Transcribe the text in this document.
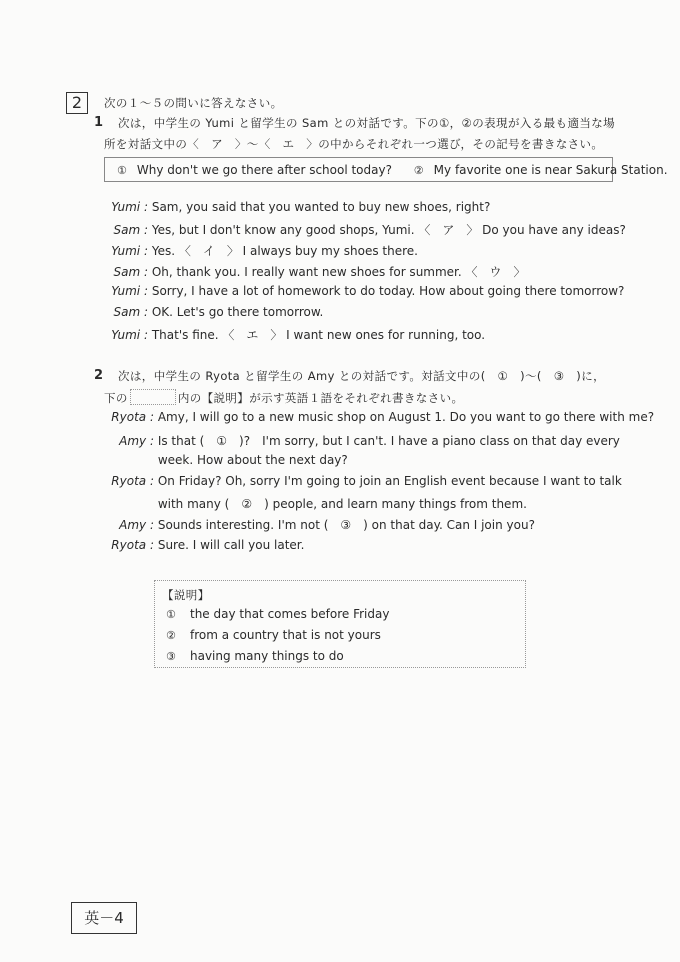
2	次の１～５の問いに答えなさい。
1 次は，中学生の Yumi と留学生の Sam との対話です。下の①，②の表現が入る最も適当な場
所を対話文中の〈　ア　〉～〈　エ　〉の中からそれぞれ一つ選び，その記号を書きなさい。
① Why don't we go there after school today? ② My favorite one is near Sakura Station.
Yumi : Sam, you said that you wanted to buy new shoes, right?
Sam : Yes, but I don't know any good shops, Yumi. 〈　ア　〉 Do you have any ideas?
Yumi : Yes. 〈　イ　〉 I always buy my shoes there.
Sam : Oh, thank you. I really want new shoes for summer. 〈　ウ　〉
Yumi : Sorry, I have a lot of homework to do today. How about going there tomorrow?
Sam : OK. Let's go there tomorrow.
Yumi : That's fine. 〈　エ　〉 I want new ones for running, too.
2 次は，中学生の Ryota と留学生の Amy との対話です。対話文中の(　①　)～(　③　)に，
下の	内の【説明】が示す英語１語をそれぞれ書きなさい。
Ryota : Amy, I will go to a new music shop on August 1. Do you want to go there with me?
Amy : Is that (　①　)?　I'm sorry, but I can't. I have a piano class on that day every
week. How about the next day?
Ryota : On Friday? Oh, sorry I'm going to join an English event because I want to talk
with many (　②　) people, and learn many things from them.
Amy : Sounds interesting. I'm not (　③　) on that day. Can I join you?
Ryota : Sure. I will call you later.
【説明】
① the day that comes before Friday
② from a country that is not yours
③ having many things to do
英－4
